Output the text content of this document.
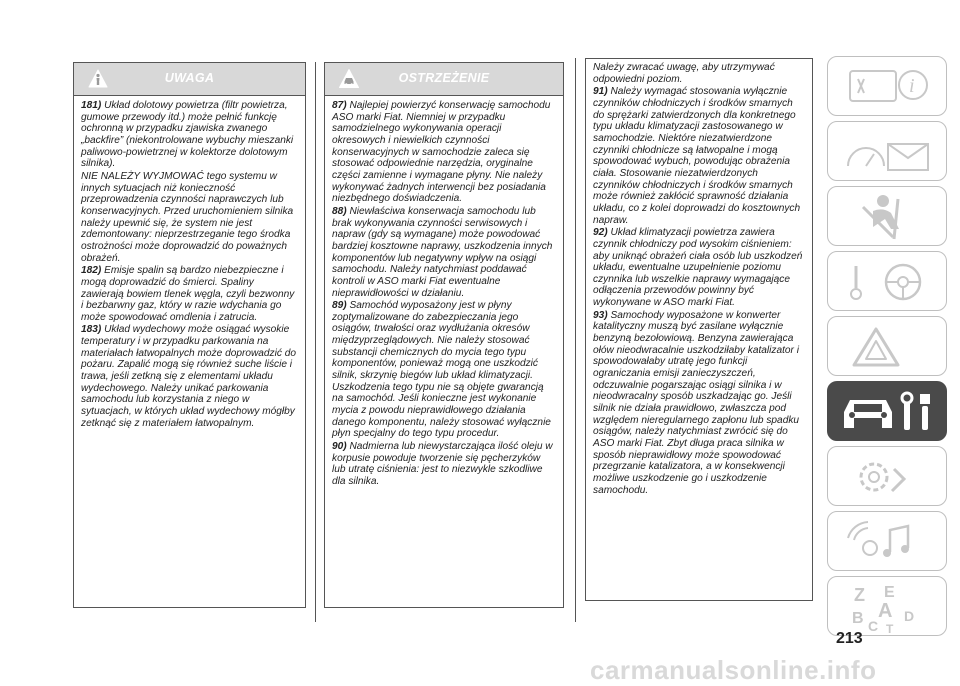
UWAGA

181) Układ dolotowy powietrza (filtr powietrza, gumowe przewody itd.) może pełnić funkcję ochronną w przypadku zjawiska zwanego „backfire” (niekontrolowane wybuchy mieszanki paliwowo-powietrznej w kolektorze dolotowym silnika).

NIE NALEŻY WYJMOWAĆ tego systemu w innych sytuacjach niż konieczność przeprowadzenia czynności naprawczych lub konserwacyjnych. Przed uruchomieniem silnika należy upewnić się, że system nie jest zdemontowany: nieprzestrzeganie tego środka ostrożności może doprowadzić do poważnych obrażeń.

182) Emisje spalin są bardzo niebezpieczne i mogą doprowadzić do śmierci. Spaliny zawierają bowiem tlenek węgla, czyli bezwonny i bezbarwny gaz, który w razie wdychania go może spowodować omdlenia i zatrucia.

183) Układ wydechowy może osiągać wysokie temperatury i w przypadku parkowania na materiałach łatwopalnych może doprowadzić do pożaru. Zapalić mogą się również suche liście i trawa, jeśli zetkną się z elementami układu wydechowego. Należy unikać parkowania samochodu lub korzystania z niego w sytuacjach, w których układ wydechowy mógłby zetknąć się z materiałem łatwopalnym.

OSTRZEŻENIE

87) Najlepiej powierzyć konserwację samochodu ASO marki Fiat. Niemniej w przypadku samodzielnego wykonywania operacji okresowych i niewielkich czynności konserwacyjnych w samochodzie zaleca się stosować odpowiednie narzędzia, oryginalne części zamienne i wymagane płyny. Nie należy wykonywać żadnych interwencji bez posiadania niezbędnego doświadczenia.

88) Niewłaściwa konserwacja samochodu lub brak wykonywania czynności serwisowych i napraw (gdy są wymagane) może powodować bardziej kosztowne naprawy, uszkodzenia innych komponentów lub negatywny wpływ na osiągi samochodu. Należy natychmiast poddawać kontroli w ASO marki Fiat ewentualne nieprawidłowości w działaniu.

89) Samochód wyposażony jest w płyny zoptymalizowane do zabezpieczania jego osiągów, trwałości oraz wydłużania okresów międzyprzeglądowych. Nie należy stosować substancji chemicznych do mycia tego typu komponentów, ponieważ mogą one uszkodzić silnik, skrzynię biegów lub układ klimatyzacji. Uszkodzenia tego typu nie są objęte gwarancją na samochód. Jeśli konieczne jest wykonanie mycia z powodu nieprawidłowego działania danego komponentu, należy stosować wyłącznie płyn specjalny do tego typu procedur.

90) Nadmierna lub niewystarczająca ilość oleju w korpusie powoduje tworzenie się pęcherzyków lub utratę ciśnienia: jest to niezwykle szkodliwe dla silnika.

Należy zwracać uwagę, aby utrzymywać odpowiedni poziom.

91) Należy wymagać stosowania wyłącznie czynników chłodniczych i środków smarnych do sprężarki zatwierdzonych dla konkretnego typu układu klimatyzacji zastosowanego w samochodzie. Niektóre niezatwierdzone czynniki chłodnicze są łatwopalne i mogą spowodować wybuch, powodując obrażenia ciała. Stosowanie niezatwierdzonych czynników chłodniczych i środków smarnych może również zakłócić sprawność działania układu, co z kolei doprowadzi do kosztownych napraw.

92) Układ klimatyzacji powietrza zawiera czynnik chłodniczy pod wysokim ciśnieniem: aby uniknąć obrażeń ciała osób lub uszkodzeń układu, ewentualne uzupełnienie poziomu czynnika lub wszelkie naprawy wymagające odłączenia przewodów powinny być wykonywane w ASO marki Fiat.

93) Samochody wyposażone w konwerter katalityczny muszą być zasilane wyłącznie benzyną bezołowiową. Benzyna zawierająca ołów nieodwracalnie uszkodziłaby katalizator i spowodowałaby utratę jego funkcji ograniczania emisji zanieczyszczeń, odczuwalnie pogarszając osiągi silnika i w nieodwracalny sposób uszkadzając go. Jeśli silnik nie działa prawidłowo, zwłaszcza pod względem nieregularnego zapłonu lub spadku osiągów, należy natychmiast zwrócić się do ASO marki Fiat. Zbyt długa praca silnika w sposób nieprawidłowy może spowodować przegrzanie katalizatora, a w konsekwencji możliwe uszkodzenie go i uszkodzenie samochodu.

i
Z E
B A
C
D
T
213
carmanualsonline.info
